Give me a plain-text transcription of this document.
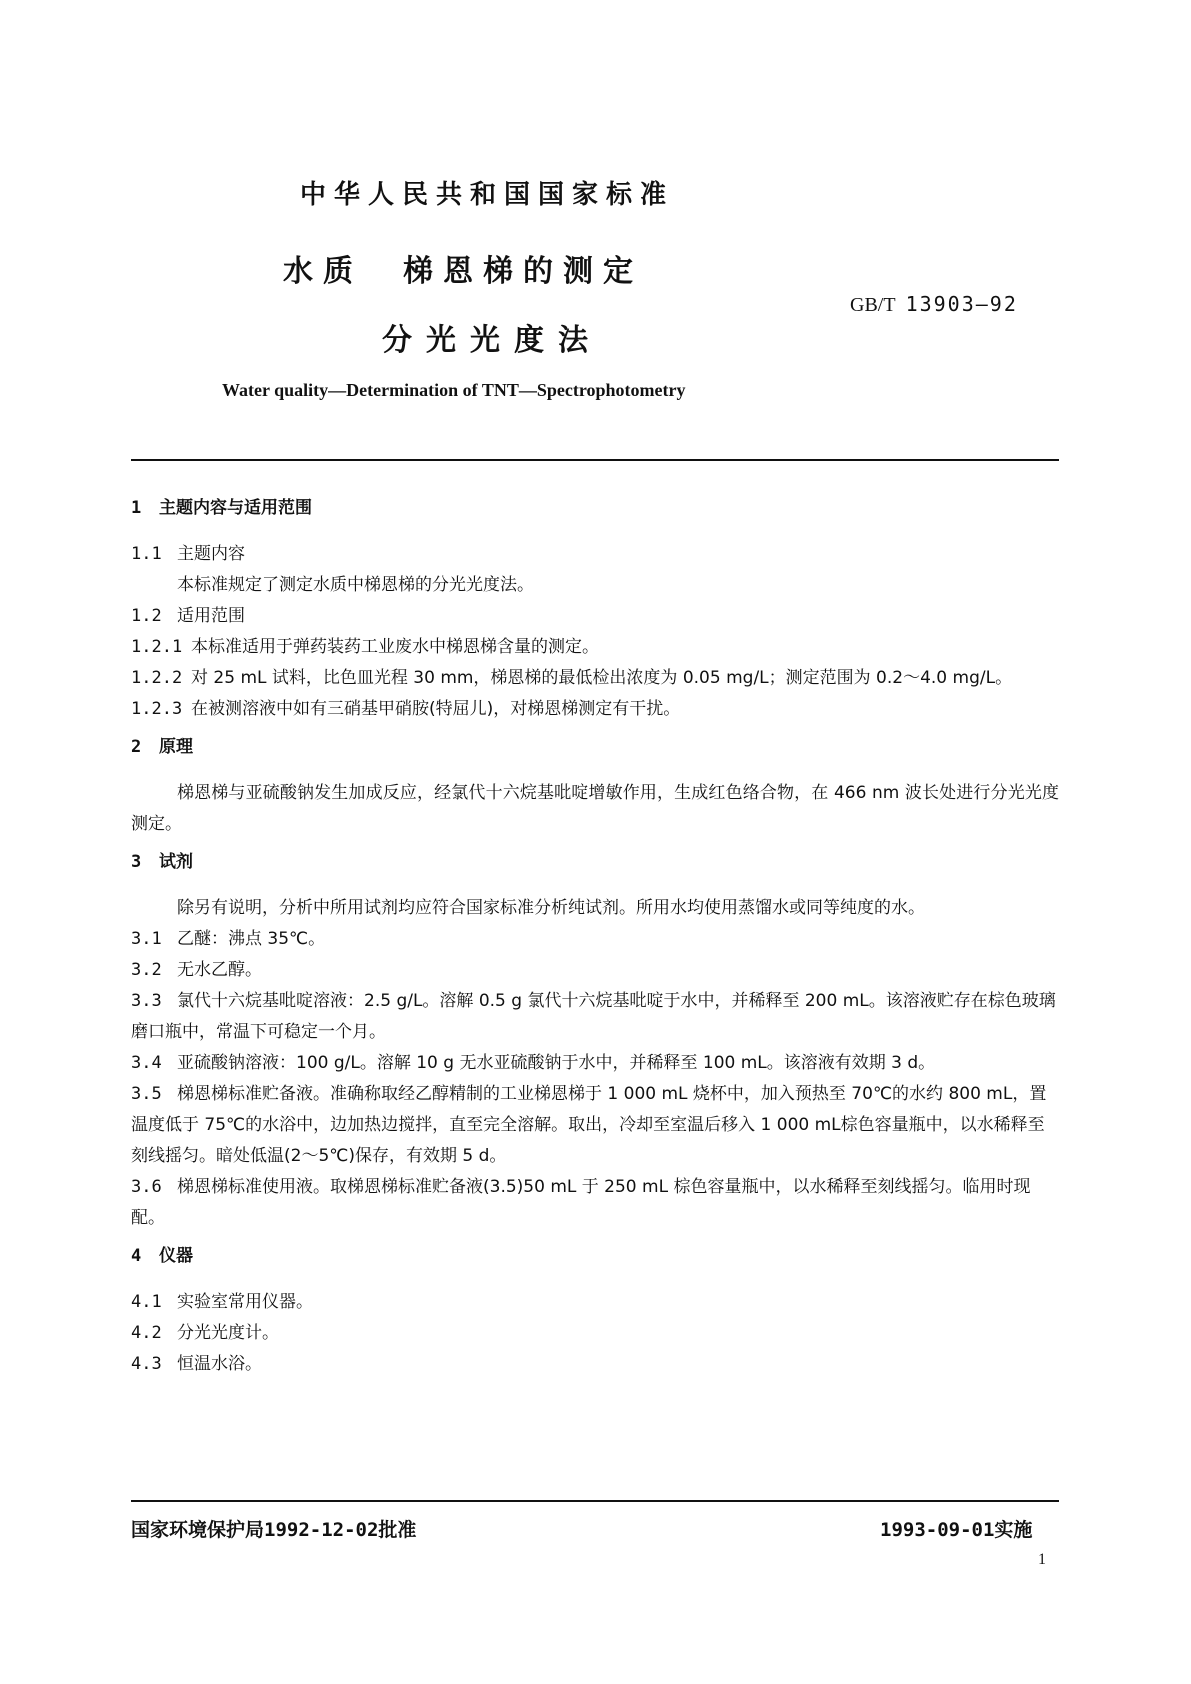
中华人民共和国国家标准
水质　梯恩梯的测定
分光光度法
GB/T 13903—92
Water quality—Determination of TNT—Spectrophotometry

1 主题内容与适用范围

1.1 主题内容

本标准规定了测定水质中梯恩梯的分光光度法。

1.2 适用范围

1.2.1 本标准适用于弹药装药工业废水中梯恩梯含量的测定。

1.2.2 对 25 mL 试料，比色皿光程 30 mm，梯恩梯的最低检出浓度为 0.05 mg/L；测定范围为 0.2～4.0 mg/L。

1.2.3 在被测溶液中如有三硝基甲硝胺(特屈儿)，对梯恩梯测定有干扰。

2 原理

梯恩梯与亚硫酸钠发生加成反应，经氯代十六烷基吡啶增敏作用，生成红色络合物，在 466 nm 波长处进行分光光度测定。

3 试剂

除另有说明，分析中所用试剂均应符合国家标准分析纯试剂。所用水均使用蒸馏水或同等纯度的水。

3.1 乙醚：沸点 35℃。

3.2 无水乙醇。

3.3 氯代十六烷基吡啶溶液：2.5 g/L。溶解 0.5 g 氯代十六烷基吡啶于水中，并稀释至 200 mL。该溶液贮存在棕色玻璃磨口瓶中，常温下可稳定一个月。

3.4 亚硫酸钠溶液：100 g/L。溶解 10 g 无水亚硫酸钠于水中，并稀释至 100 mL。该溶液有效期 3 d。

3.5 梯恩梯标准贮备液。准确称取经乙醇精制的工业梯恩梯于 1 000 mL 烧杯中，加入预热至 70℃的水约 800 mL，置温度低于 75℃的水浴中，边加热边搅拌，直至完全溶解。取出，冷却至室温后移入 1 000 mL棕色容量瓶中，以水稀释至刻线摇匀。暗处低温(2～5℃)保存，有效期 5 d。

3.6 梯恩梯标准使用液。取梯恩梯标准贮备液(3.5)50 mL 于 250 mL 棕色容量瓶中，以水稀释至刻线摇匀。临用时现配。

4 仪器

4.1 实验室常用仪器。

4.2 分光光度计。

4.3 恒温水浴。

国家环境保护局1992-12-02批准	1993-09-01实施
1
